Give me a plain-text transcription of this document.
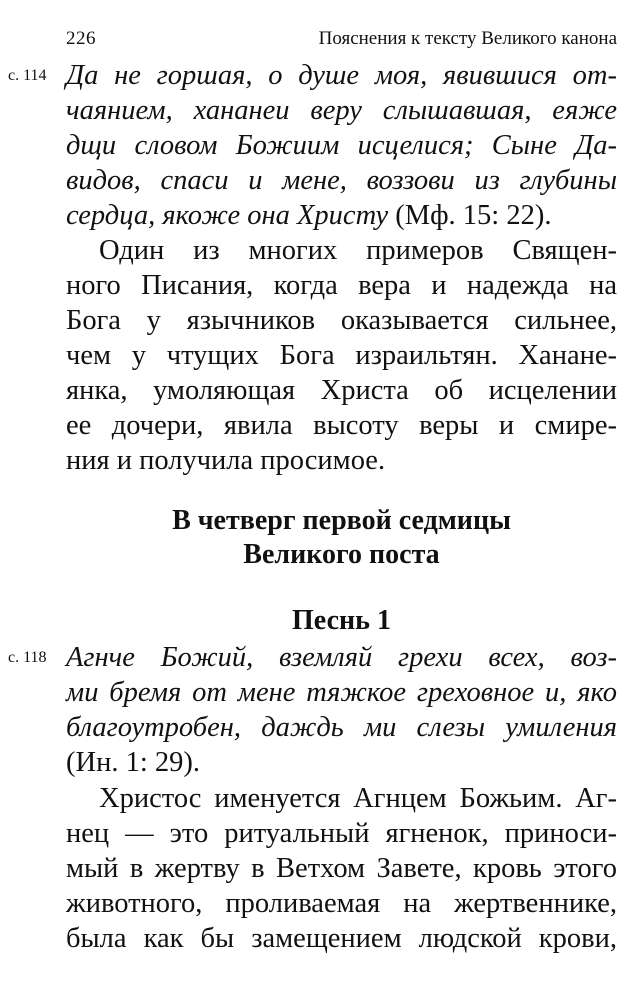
226	Пояснения к тексту Великого канона
с. 114 Да не горшая, о душе моя, явившися от-
чаянием, хананеи веру слышавшая, еяже
дщи словом Божиим исцелися; Сыне Да-
видов, спаси и мене, воззови из глубины
сердца, якоже она Христу (Мф. 15: 22).
Один из многих примеров Священ-
ного Писания, когда вера и надежда на
Бога у язычников оказывается сильнее,
чем у чтущих Бога израильтян. Ханане-
янка, умоляющая Христа об исцелении
ее дочери, явила высоту веры и смире-
ния и получила просимое.
В четверг первой седмицы
Великого поста
Песнь 1
с. 118 Агнче Божий, вземляй грехи всех, воз-
ми бремя от мене тяжкое греховное и, яко
благоутробен, даждь ми слезы умиления
(Ин. 1: 29).
Христос именуется Агнцем Божьим. Аг-
нец — это ритуальный ягненок, приноси-
мый в жертву в Ветхом Завете, кровь этого
животного, проливаемая на жертвеннике,
была как бы замещением людской крови,
